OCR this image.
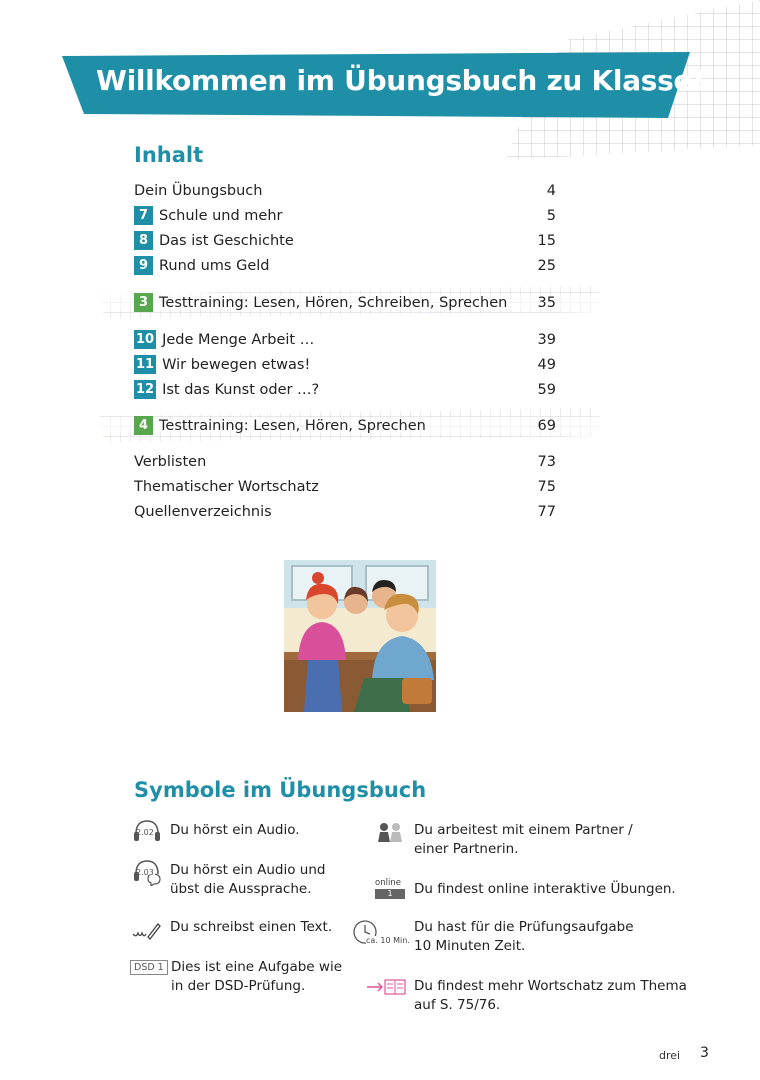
Willkommen im Übungsbuch zu Klasse!
Inhalt
Dein Übungsbuch	4
7 Schule und mehr	5
8 Das ist Geschichte	15
9 Rund ums Geld	25
3 Testtraining: Lesen, Hören, Schreiben, Sprechen	35
10 Jede Menge Arbeit …	39
11 Wir bewegen etwas!	49
12 Ist das Kunst oder …?	59
4 Testtraining: Lesen, Hören, Sprechen	69
Verblisten	73
Thematischer Wortschatz	75
Quellenverzeichnis	77
Symbole im Übungsbuch
2.02 Du hörst ein Audio.
2.03 Du hörst ein Audio und
übst die Aussprache.
Du schreibst einen Text.
DSD 1 Dies ist eine Aufgabe wie
in der DSD-Prüfung.
Du arbeitest mit einem Partner /
einer Partnerin.
online
1	Du findest online interaktive Übungen.
ca. 10 Min.
Du hast für die Prüfungsaufgabe
10 Minuten Zeit.
Du findest mehr Wortschatz zum Thema
auf S. 75/76.
drei 3
